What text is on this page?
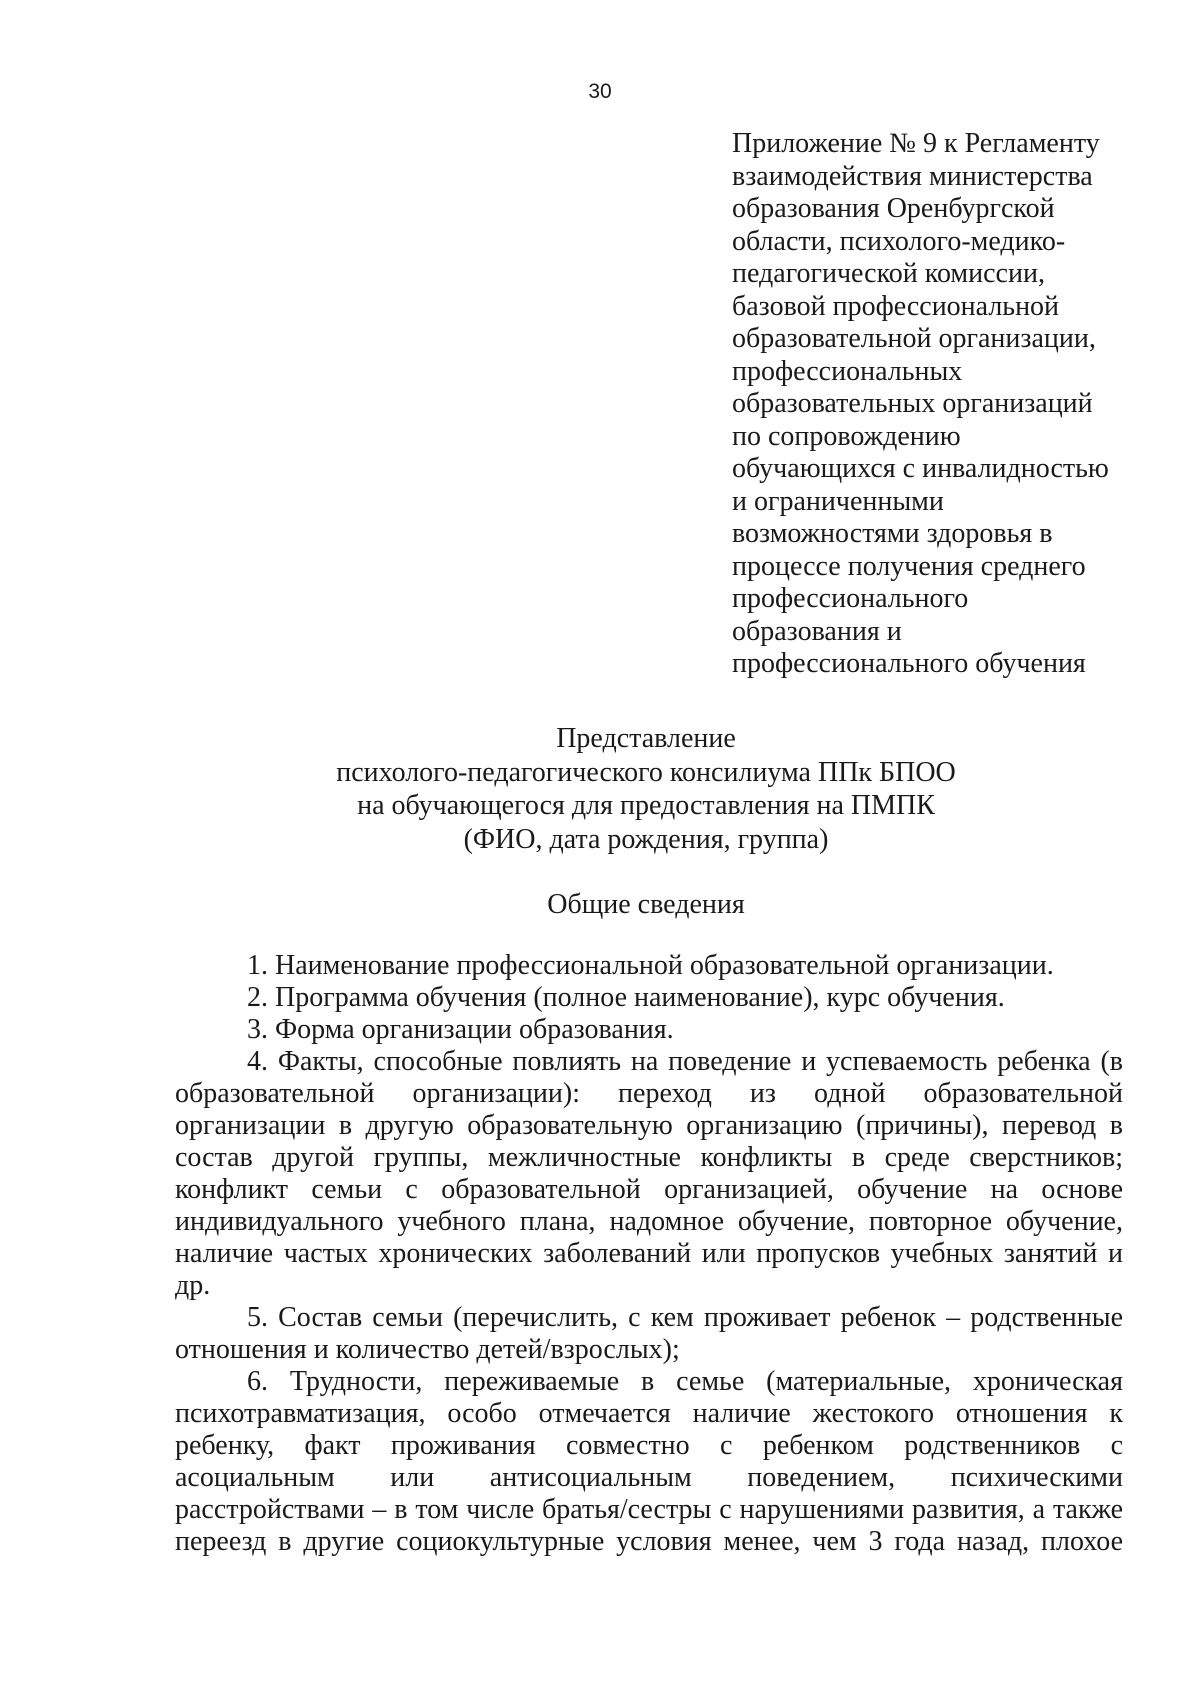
30
Приложение № 9 к Регламенту
взаимодействия министерства
образования Оренбургской
области, психолого-медико-
педагогической комиссии,
базовой профессиональной
образовательной организации,
профессиональных
образовательных организаций
по сопровождению
обучающихся с инвалидностью
и ограниченными
возможностями здоровья в
процессе получения среднего
профессионального
образования и
профессионального обучения
Представление
психолого-педагогического консилиума ППк БПОО
на обучающегося для предоставления на ПМПК
(ФИО, дата рождения, группа)
Общие сведения
1. Наименование профессиональной образовательной организации.
2. Программа обучения (полное наименование), курс обучения.
3. Форма организации образования.
4. Факты, способные повлиять на поведение и успеваемость ребенка (в
образовательной организации): переход из одной образовательной
организации в другую образовательную организацию (причины), перевод в
состав другой группы, межличностные конфликты в среде сверстников;
конфликт семьи с образовательной организацией, обучение на основе
индивидуального учебного плана, надомное обучение, повторное обучение,
наличие частых хронических заболеваний или пропусков учебных занятий и
др.
5. Состав семьи (перечислить, с кем проживает ребенок – родственные
отношения и количество детей/взрослых);
6. Трудности, переживаемые в семье (материальные, хроническая
психотравматизация, особо отмечается наличие жестокого отношения к
ребенку, факт проживания совместно с ребенком родственников с
асоциальным или антисоциальным поведением, психическими
расстройствами – в том числе братья/сестры с нарушениями развития, а также
переезд в другие социокультурные условия менее, чем 3 года назад, плохое
